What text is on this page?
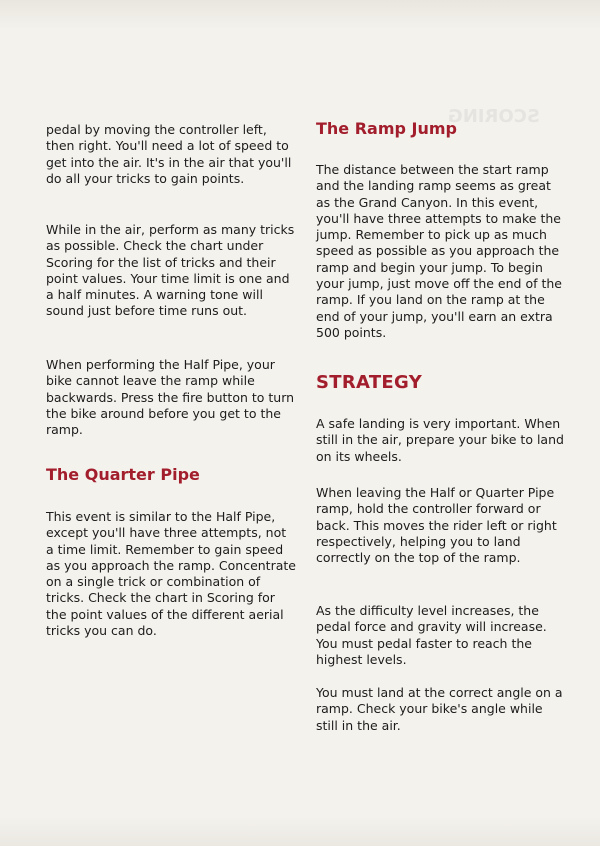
SCORING

pedal by moving the controller left, then right. You'll need a lot of speed to get into the air. It's in the air that you'll do all your tricks to gain points.

While in the air, perform as many tricks as possible. Check the chart under Scoring for the list of tricks and their point values. Your time limit is one and a half minutes. A warning tone will sound just before time runs out.

When performing the Half Pipe, your bike cannot leave the ramp while backwards. Press the fire button to turn the bike around before you get to the ramp.

The Quarter Pipe

This event is similar to the Half Pipe, except you'll have three attempts, not a time limit. Remember to gain speed as you approach the ramp. Concentrate on a single trick or combination of tricks. Check the chart in Scoring for the point values of the different aerial tricks you can do.

The Ramp Jump

The distance between the start ramp and the landing ramp seems as great as the Grand Canyon. In this event, you'll have three attempts to make the jump. Remember to pick up as much speed as possible as you approach the ramp and begin your jump. To begin your jump, just move off the end of the ramp. If you land on the ramp at the end of your jump, you'll earn an extra 500 points.

STRATEGY

A safe landing is very important. When still in the air, prepare your bike to land on its wheels.

When leaving the Half or Quarter Pipe ramp, hold the controller forward or back. This moves the rider left or right respectively, helping you to land correctly on the top of the ramp.

As the difficulty level increases, the pedal force and gravity will increase. You must pedal faster to reach the highest levels.

You must land at the correct angle on a ramp. Check your bike's angle while still in the air.
